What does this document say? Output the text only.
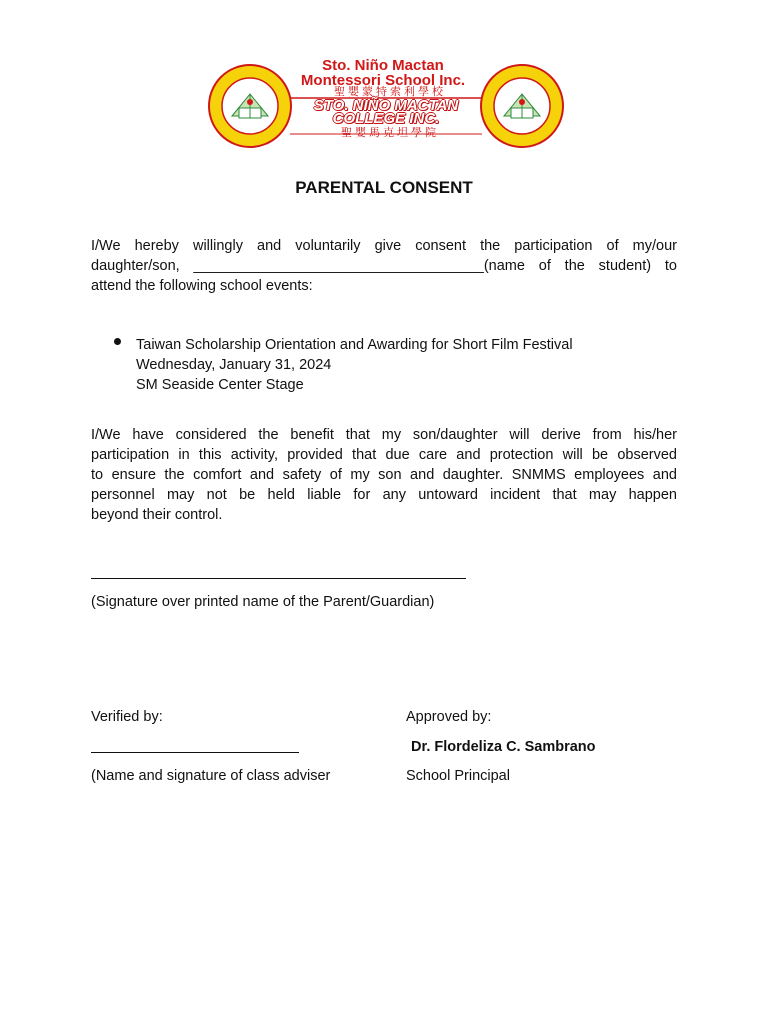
Sto. Niño Mactan
Montessori School Inc.
聖嬰蒙特索利學校
STO. NIÑO MACTAN
COLLEGE INC.
聖嬰馬克坦學院
PARENTAL CONSENT
I/We hereby willingly and voluntarily give consent the participation of my/our
daughter/son, ____________________________________(name of the student) to
attend the following school events:
Taiwan Scholarship Orientation and Awarding for Short Film Festival
Wednesday, January 31, 2024
SM Seaside Center Stage
I/We have considered the benefit that my son/daughter will derive from his/her
participation in this activity, provided that due care and protection will be observed
to ensure the comfort and safety of my son and daughter. SNMMS employees and
personnel may not be held liable for any untoward incident that may happen
beyond their control.
(Signature over printed name of the Parent/Guardian)
Verified by:
(Name and signature of class adviser
Approved by:
Dr. Flordeliza C. Sambrano
School Principal
